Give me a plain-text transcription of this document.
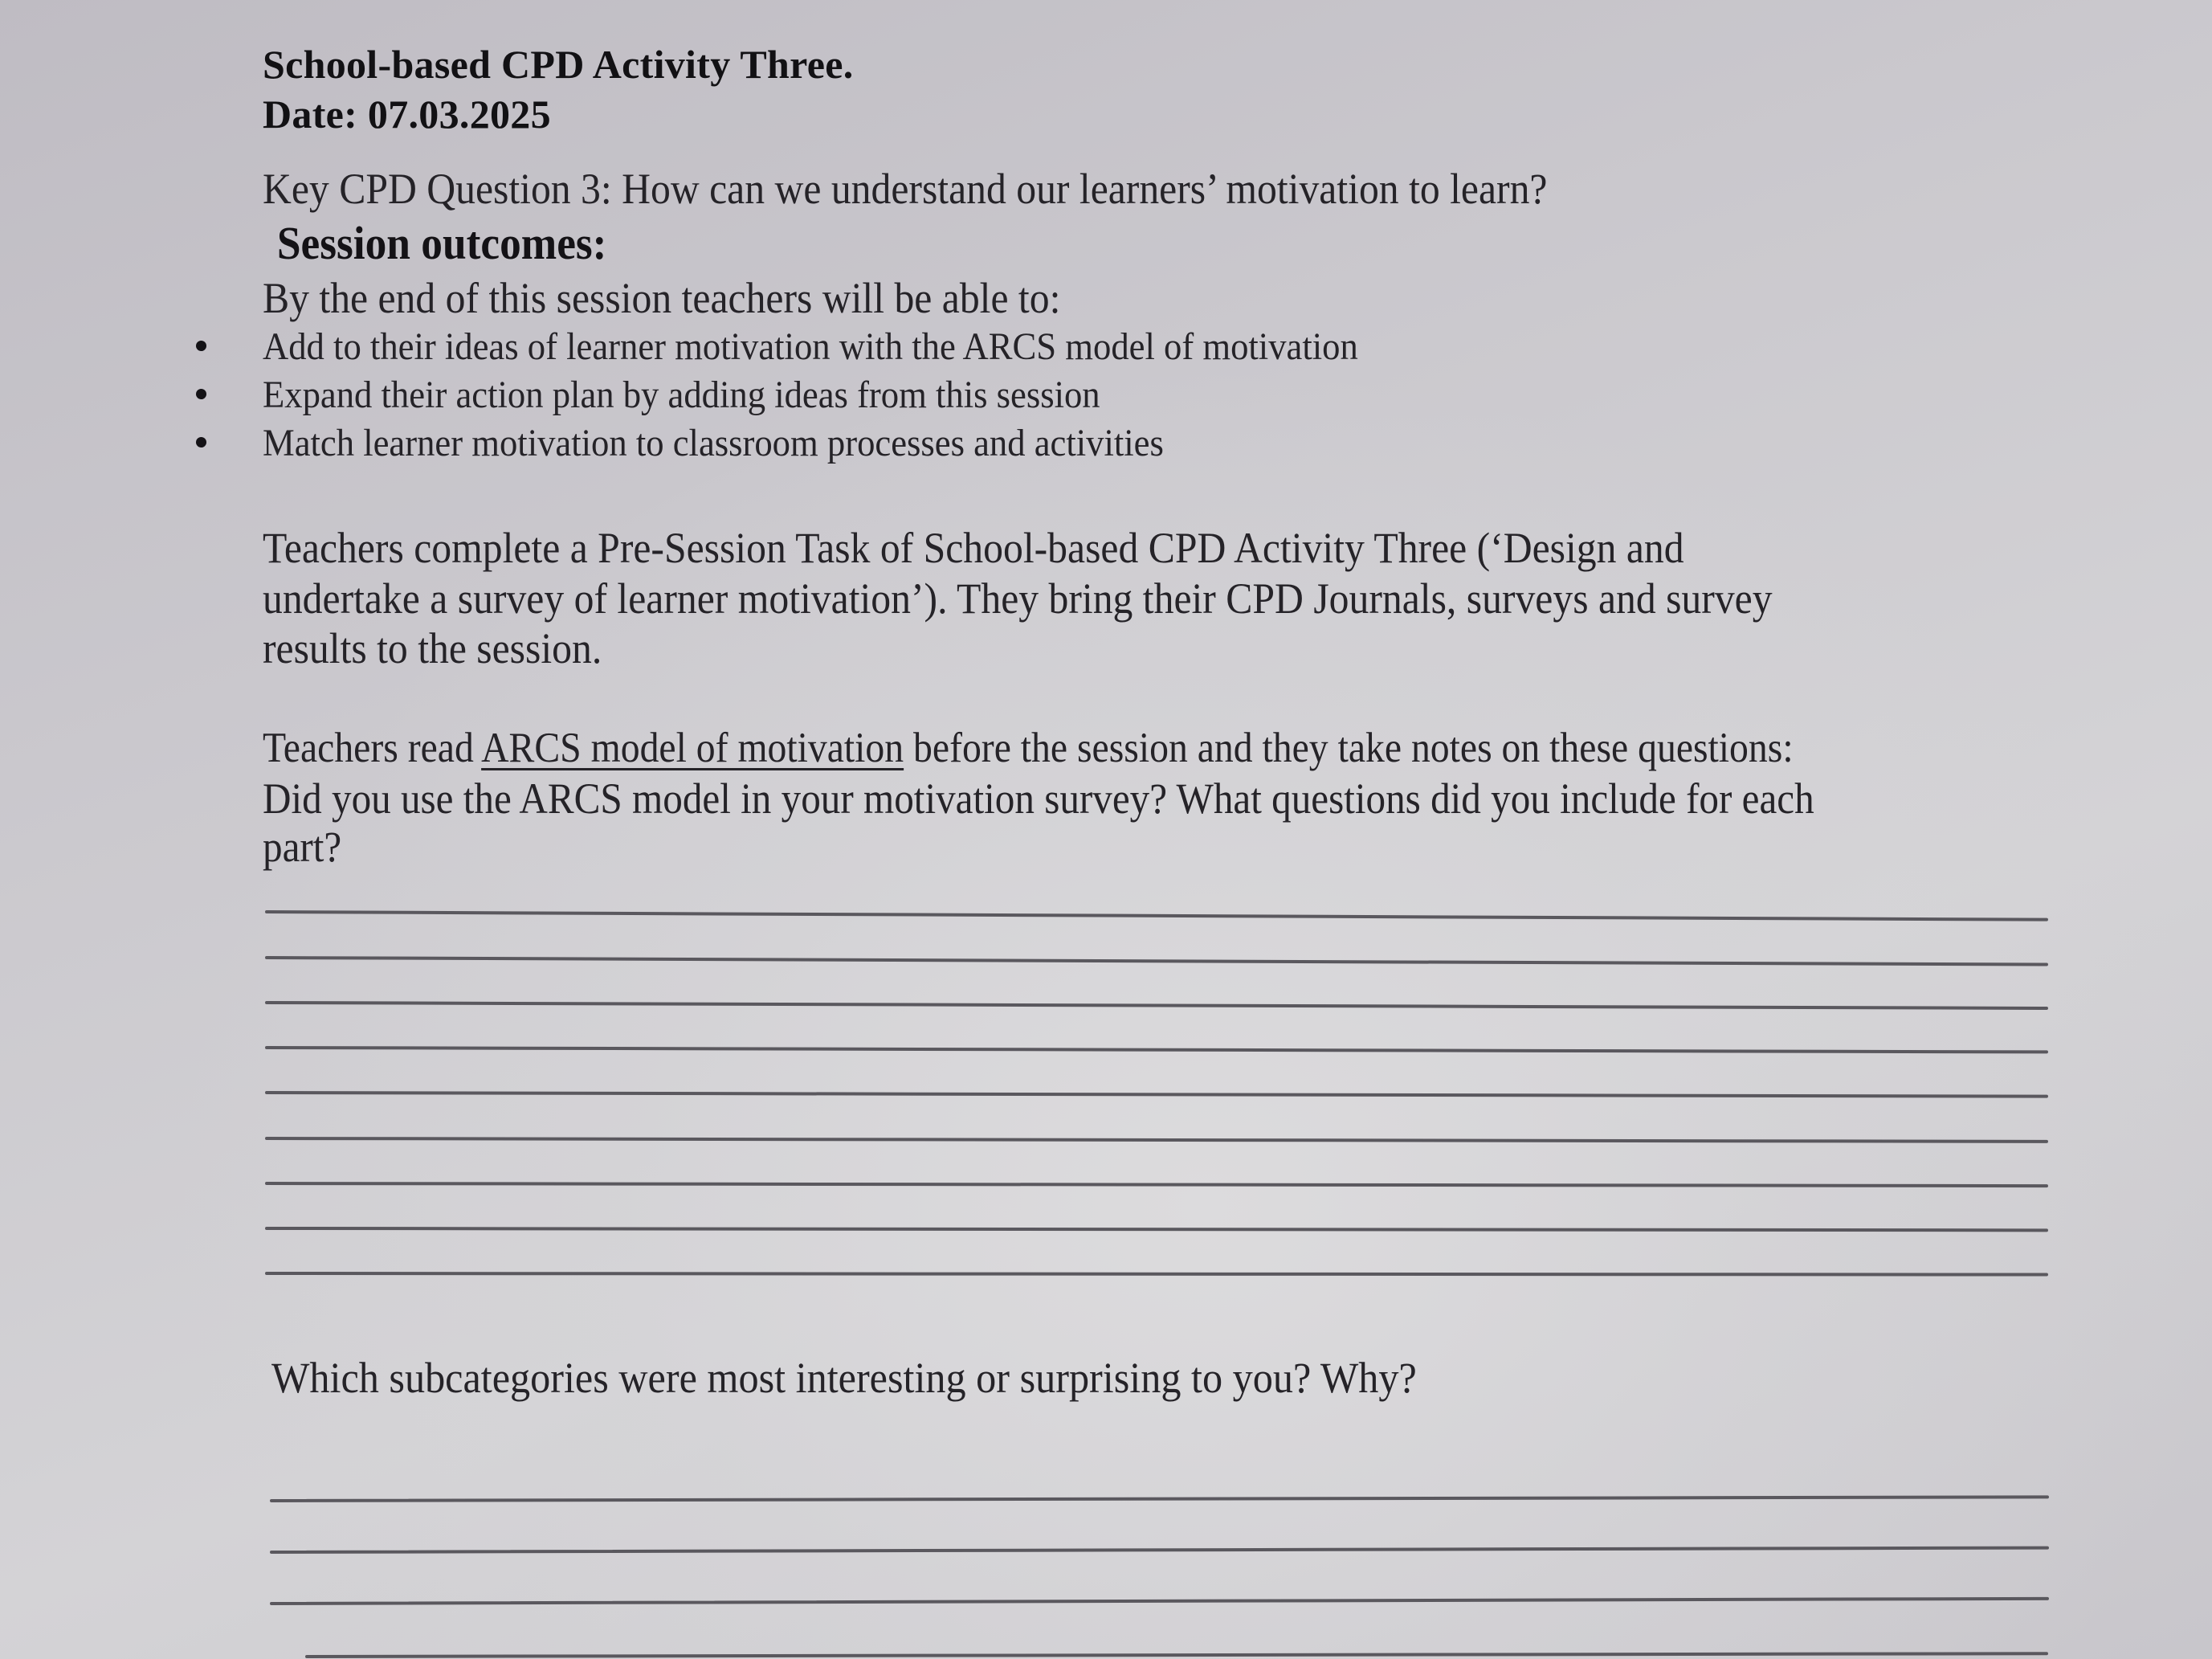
School-based CPD Activity Three.
Date: 07.03.2025
Key CPD Question 3: How can we understand our learners’ motivation to learn?
Session outcomes:
By the end of this session teachers will be able to:
Add to their ideas of learner motivation with the ARCS model of motivation
Expand their action plan by adding ideas from this session
Match learner motivation to classroom processes and activities
Teachers complete a Pre-Session Task of School-based CPD Activity Three (‘Design and
undertake a survey of learner motivation’). They bring their CPD Journals, surveys and survey
results to the session.
Teachers read ARCS model of motivation before the session and they take notes on these questions:
Did you use the ARCS model in your motivation survey? What questions did you include for each
part?
Which subcategories were most interesting or surprising to you? Why?
